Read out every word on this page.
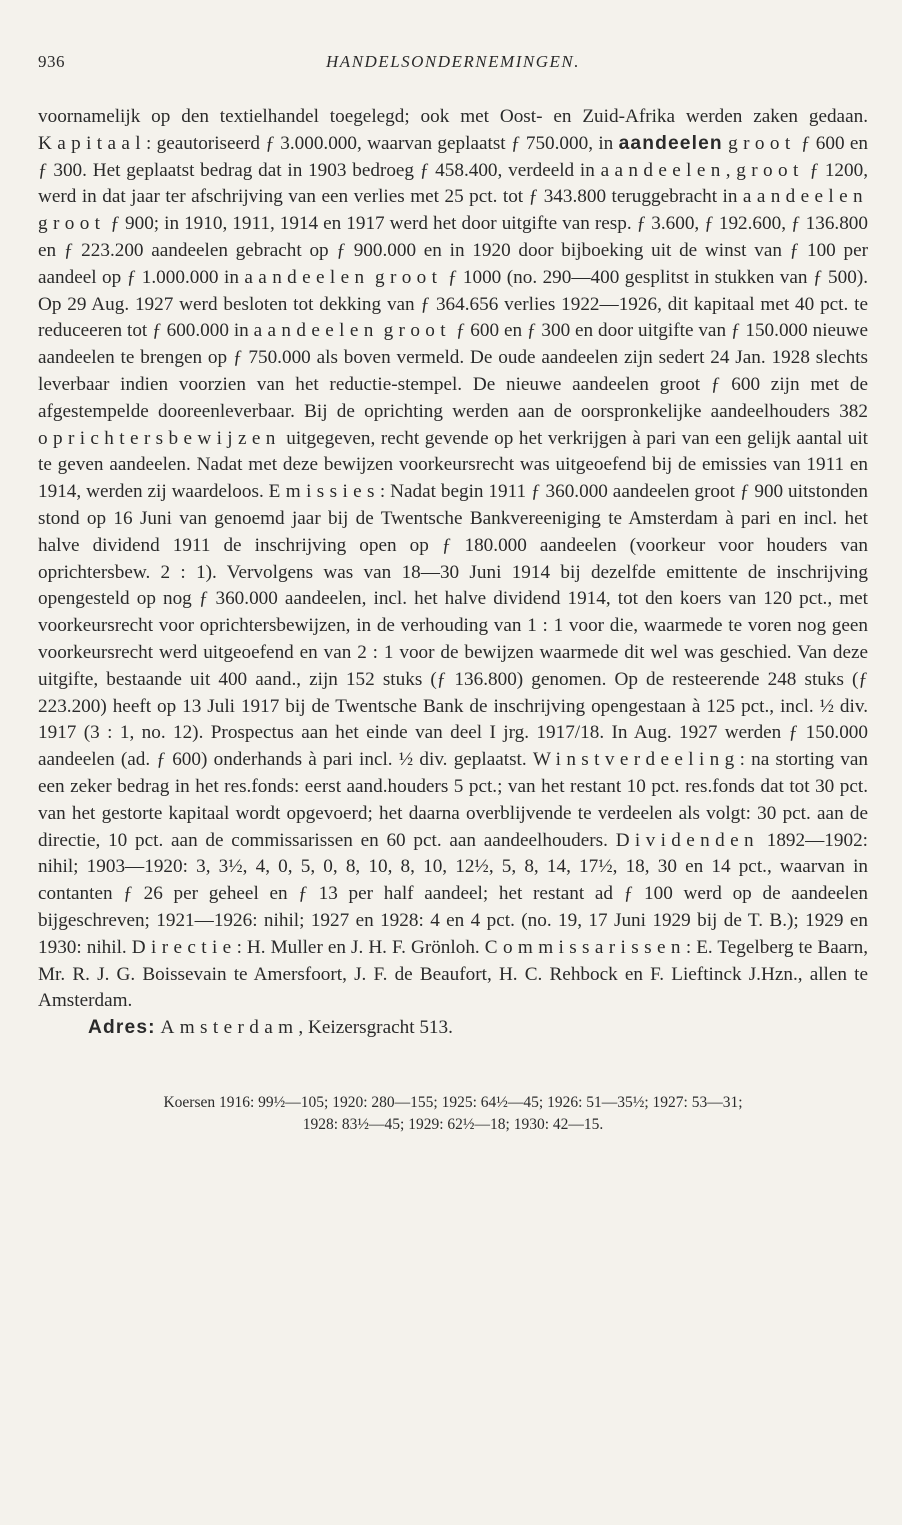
936	HANDELSONDERNEMINGEN.
voornamelijk op den textielhandel toegelegd; ook met Oost- en Zuid-Afrika werden zaken gedaan. Kapitaal: geautoriseerd ƒ 3.000.000, waarvan geplaatst ƒ 750.000, in aandeelen groot ƒ 600 en ƒ 300. Het geplaatst bedrag dat in 1903 bedroeg ƒ 458.400, verdeeld in aandeelen, groot ƒ 1200, werd in dat jaar ter afschrijving van een verlies met 25 pct. tot ƒ 343.800 teruggebracht in aandeelen groot ƒ 900; in 1910, 1911, 1914 en 1917 werd het door uitgifte van resp. ƒ 3.600, ƒ 192.600, ƒ 136.800 en ƒ 223.200 aandeelen gebracht op ƒ 900.000 en in 1920 door bijboeking uit de winst van ƒ 100 per aandeel op ƒ 1.000.000 in aandeelen groot ƒ 1000 (no. 290—400 gesplitst in stukken van ƒ 500). Op 29 Aug. 1927 werd besloten tot dekking van ƒ 364.656 verlies 1922—1926, dit kapitaal met 40 pct. te reduceeren tot ƒ 600.000 in aandeelen groot ƒ 600 en ƒ 300 en door uitgifte van ƒ 150.000 nieuwe aandeelen te brengen op ƒ 750.000 als boven vermeld. De oude aandeelen zijn sedert 24 Jan. 1928 slechts leverbaar indien voorzien van het reductie-stempel. De nieuwe aandeelen groot ƒ 600 zijn met de afgestempelde dooreenleverbaar. Bij de oprichting werden aan de oorspronkelijke aandeelhouders 382 oprichtersbewijzen uitgegeven, recht gevende op het verkrijgen à pari van een gelijk aantal uit te geven aandeelen. Nadat met deze bewijzen voorkeursrecht was uitgeoefend bij de emissies van 1911 en 1914, werden zij waardeloos. Emissies: Nadat begin 1911 ƒ 360.000 aandeelen groot ƒ 900 uitstonden stond op 16 Juni van genoemd jaar bij de Twentsche Bankvereeniging te Amsterdam à pari en incl. het halve dividend 1911 de inschrijving open op ƒ 180.000 aandeelen (voorkeur voor houders van oprichtersbew. 2 : 1). Vervolgens was van 18—30 Juni 1914 bij dezelfde emittente de inschrijving opengesteld op nog ƒ 360.000 aandeelen, incl. het halve dividend 1914, tot den koers van 120 pct., met voorkeursrecht voor oprichtersbewijzen, in de verhouding van 1 : 1 voor die, waarmede te voren nog geen voorkeursrecht werd uitgeoefend en van 2 : 1 voor de bewijzen waarmede dit wel was geschied. Van deze uitgifte, bestaande uit 400 aand., zijn 152 stuks (ƒ 136.800) genomen. Op de resteerende 248 stuks (ƒ 223.200) heeft op 13 Juli 1917 bij de Twentsche Bank de inschrijving opengestaan à 125 pct., incl. ½ div. 1917 (3 : 1, no. 12). Prospectus aan het einde van deel I jrg. 1917/18. In Aug. 1927 werden ƒ 150.000 aandeelen (ad. ƒ 600) onderhands à pari incl. ½ div. geplaatst. Winstverdeeling: na storting van een zeker bedrag in het res.fonds: eerst aand.houders 5 pct.; van het restant 10 pct. res.fonds dat tot 30 pct. van het gestorte kapitaal wordt opgevoerd; het daarna overblijvende te verdeelen als volgt: 30 pct. aan de directie, 10 pct. aan de commissarissen en 60 pct. aan aandeelhouders. Dividenden 1892—1902: nihil; 1903—1920: 3, 3½, 4, 0, 5, 0, 8, 10, 8, 10, 12½, 5, 8, 14, 17½, 18, 30 en 14 pct., waarvan in contanten ƒ 26 per geheel en ƒ 13 per half aandeel; het restant ad ƒ 100 werd op de aandeelen bijgeschreven; 1921—1926: nihil; 1927 en 1928: 4 en 4 pct. (no. 19, 17 Juni 1929 bij de T. B.); 1929 en 1930: nihil. Directie: H. Muller en J. H. F. Grönloh. Commissarissen: E. Tegelberg te Baarn, Mr. R. J. G. Boissevain te Amersfoort, J. F. de Beaufort, H. C. Rehbock en F. Lieftinck J.Hzn., allen te Amsterdam.
Adres: Amsterdam, Keizersgracht 513.
Koersen 1916: 99½—105; 1920: 280—155; 1925: 64½—45; 1926: 51—35½; 1927: 53—31;
1928: 83½—45; 1929: 62½—18; 1930: 42—15.
